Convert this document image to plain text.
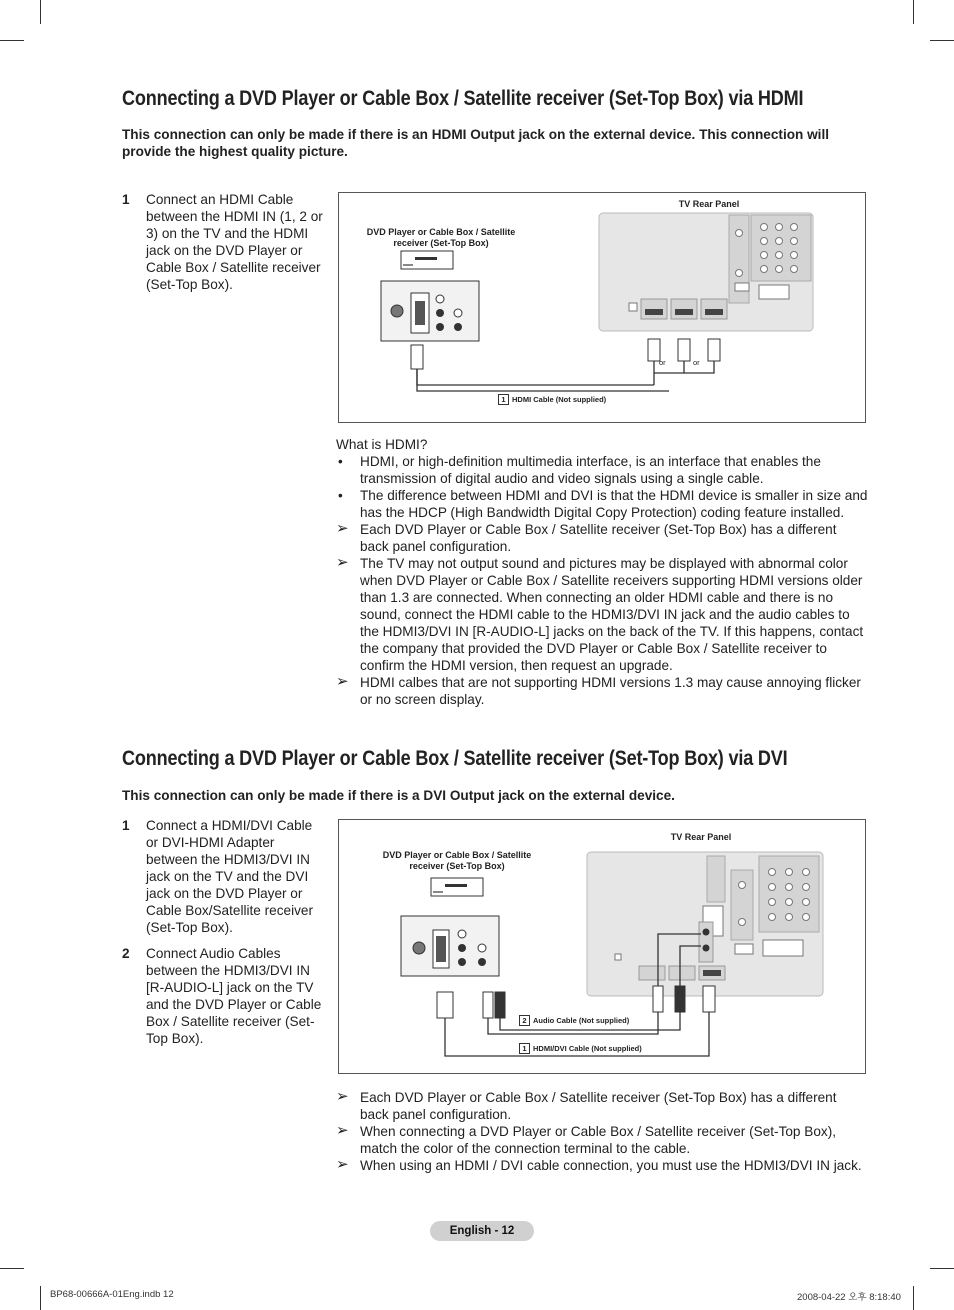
Connecting a DVD Player or Cable Box / Satellite receiver (Set-Top Box) via HDMI
This connection can only be made if there is an HDMI Output jack on the external device. This connection will provide the highest quality picture.
1 Connect an HDMI Cable between the HDMI IN (1, 2 or 3) on the TV and the HDMI jack on the DVD Player or Cable Box / Satellite receiver (Set-Top Box).
TV Rear Panel
DVD Player or Cable Box / Satellite receiver (Set-Top Box)
or	or
1 HDMI Cable (Not supplied)
What is HDMI?
• HDMI, or high-definition multimedia interface, is an interface that enables the transmission of digital audio and video signals using a single cable.
• The difference between HDMI and DVI is that the HDMI device is smaller in size and has the HDCP (High Bandwidth Digital Copy Protection) coding feature installed.
➢ Each DVD Player or Cable Box / Satellite receiver (Set-Top Box) has a different back panel configuration.
➢ The TV may not output sound and pictures may be displayed with abnormal color when DVD Player or Cable Box / Satellite receivers supporting HDMI versions older than 1.3 are connected. When connecting an older HDMI cable and there is no sound, connect the HDMI cable to the HDMI3/DVI IN jack and the audio cables to the HDMI3/DVI IN [R-AUDIO-L] jacks on the back of the TV. If this happens, contact the company that provided the DVD Player or Cable Box / Satellite receiver to confirm the HDMI version, then request an upgrade.
➢ HDMI calbes that are not supporting HDMI versions 1.3 may cause annoying flicker or no screen display.
Connecting a DVD Player or Cable Box / Satellite receiver (Set-Top Box) via DVI
This connection can only be made if there is a DVI Output jack on the external device.
1 Connect a HDMI/DVI Cable or DVI-HDMI Adapter between the HDMI3/DVI IN jack on the TV and the DVI jack on the DVD Player or Cable Box/Satellite receiver (Set-Top Box).
2 Connect Audio Cables between the HDMI3/DVI IN [R-AUDIO-L] jack on the TV and the DVD Player or Cable Box / Satellite receiver (Set-Top Box).
TV Rear Panel
DVD Player or Cable Box / Satellite receiver (Set-Top Box)
2 Audio Cable (Not supplied)
1 HDMI/DVI Cable (Not supplied)
➢ Each DVD Player or Cable Box / Satellite receiver (Set-Top Box) has a different back panel configuration.
➢ When connecting a DVD Player or Cable Box / Satellite receiver (Set-Top Box), match the color of the connection terminal to the cable.
➢ When using an HDMI / DVI cable connection, you must use the HDMI3/DVI IN jack.
English - 12
BP68-00666A-01Eng.indb 12	2008-04-22 오후 8:18:40
